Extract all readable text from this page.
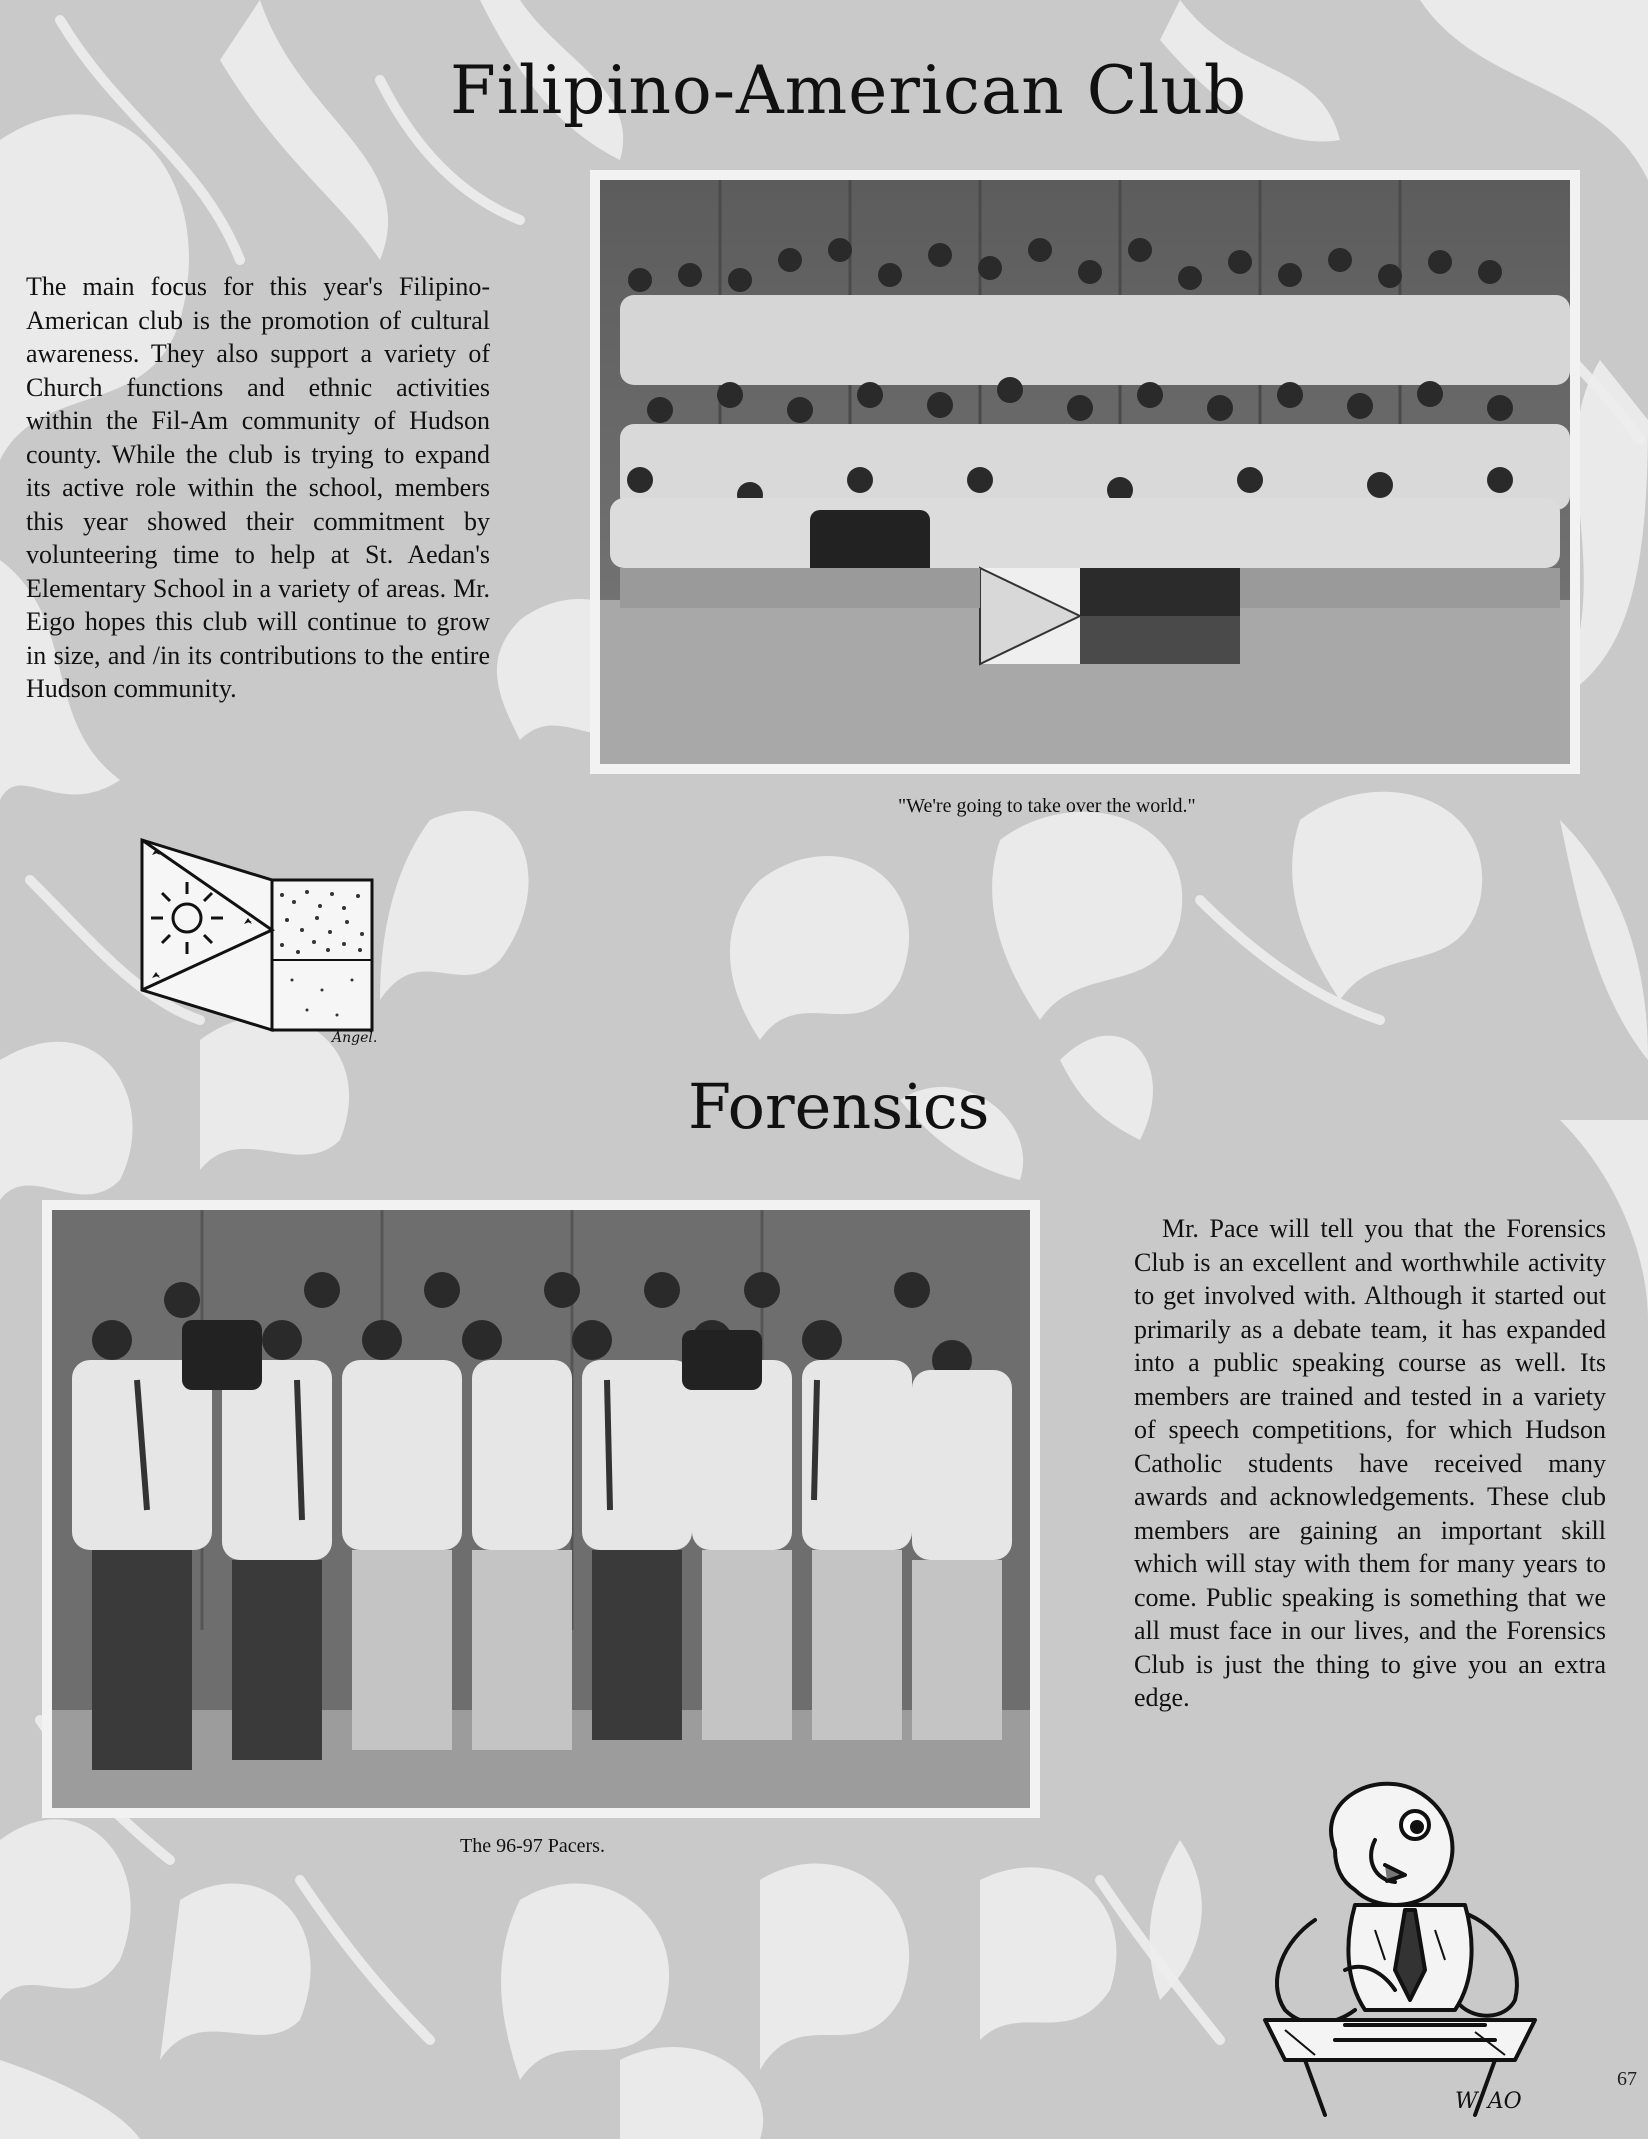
Filipino-American Club

The main focus for this year's Filipino-American club is the promotion of cultural awareness. They also support a variety of Church functions and ethnic activities within the Fil-Am community of Hudson county. While the club is trying to expand its active role within the school, members this year showed their commitment by volunteering time to help at St. Aedan's Elementary School in a variety of areas. Mr. Eigo hopes this club will continue to grow in size, and /in its contributions to the entire Hudson community.

"We're going to take over the world."

Angel.
Forensics

The 96-97 Pacers.

Mr. Pace will tell you that the Forensics Club is an excellent and worthwhile activity to get involved with. Although it started out primarily as a debate team, it has expanded into a public speaking course as well. Its members are trained and tested in a variety of speech competitions, for which Hudson Catholic students have received many awards and acknowledgements. These club members are gaining an important skill which will stay with them for many years to come. Public speaking is something that we all must face in our lives, and the Forensics Club is just the thing to give you an extra edge.

W. AO

67
